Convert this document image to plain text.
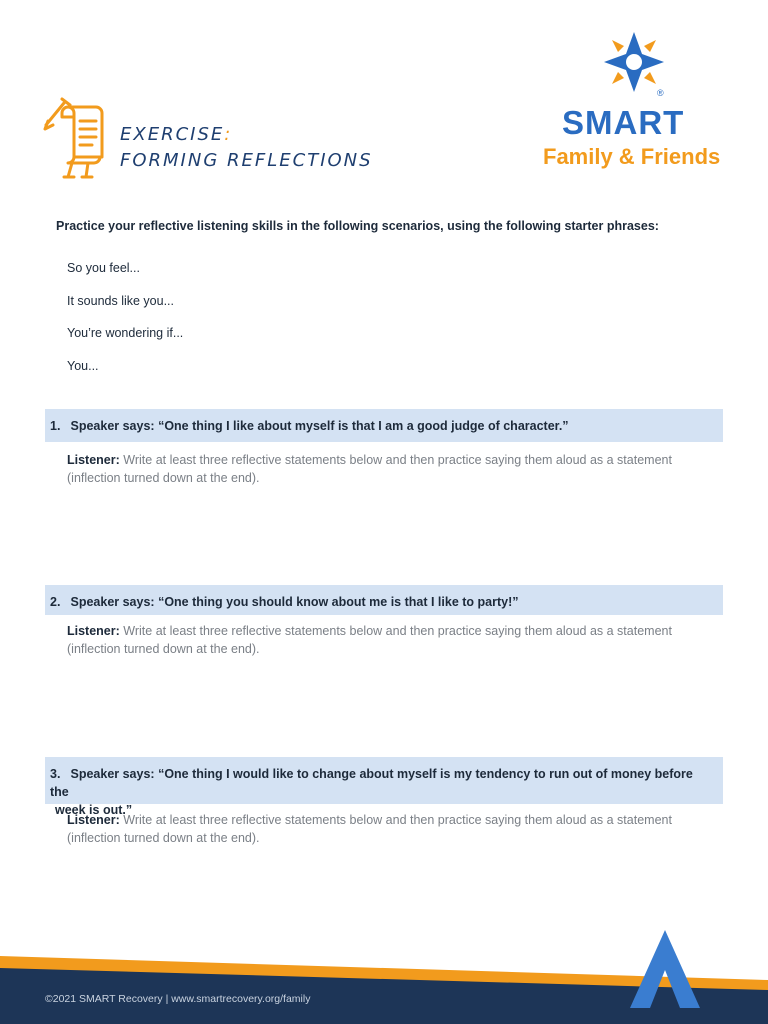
EXERCISE:
FORMING REFLECTIONS
®
SMART
Family & Friends
Practice your reflective listening skills in the following scenarios, using the following starter phrases:
So you feel...
It sounds like you...
You’re wondering if...
You...
1. Speaker says: “One thing I like about myself is that I am a good judge of character.”
Listener: Write at least three reflective statements below and then practice saying them aloud as a statement (inflection turned down at the end).
2. Speaker says: “One thing you should know about me is that I like to party!”
Listener: Write at least three reflective statements below and then practice saying them aloud as a statement (inflection turned down at the end).
3. Speaker says: “One thing I would like to change about myself is my tendency to run out of money before the
week is out.”
Listener: Write at least three reflective statements below and then practice saying them aloud as a statement (inflection turned down at the end).
©2021 SMART Recovery | www.smartrecovery.org/family
